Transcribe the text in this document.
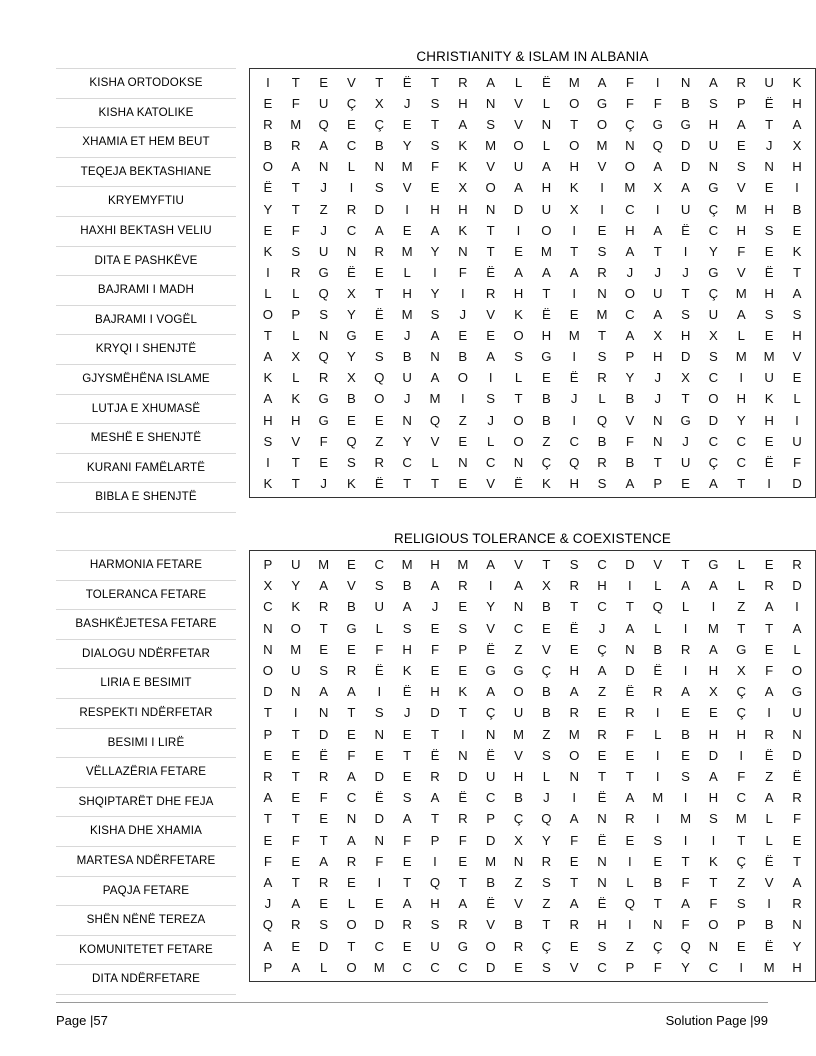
KISHA ORTODOKSE
KISHA KATOLIKE
XHAMIA ET HEM BEUT
TEQEJA BEKTASHIANE
KRYEMYFTIU
HAXHI BEKTASH VELIU
DITA E PASHKËVE
BAJRAMI I MADH
BAJRAMI I VOGËL
KRYQI I SHENJTË
GJYSMËHËNA ISLAME
LUTJA E XHUMASË
MESHË E SHENJTË
KURANI FAMËLARTË
BIBLA E SHENJTË
CHRISTIANITY & ISLAM IN ALBANIA
I	T	E	V	T	Ë	T	R	A	L	Ë	M	A	F	I	N	A	R	U	K
E	F	U	Ç	X	J	S	H	N	V	L	O	G	F	F	B	S	P	Ë	H
R	M	Q	E	Ç	E	T	A	S	V	N	T	O	Ç	G	G	H	A	T	A
B	R	A	C	B	Y	S	K	M	O	L	O	M	N	Q	D	U	E	J	X
O	A	N	L	N	M	F	K	V	U	A	H	V	O	A	D	N	S	N	H
Ë	T	J	I	S	V	E	X	O	A	H	K	I	M	X	A	G	V	E	I
Y	T	Z	R	D	I	H	H	N	D	U	X	I	C	I	U	Ç	M	H	B
E	F	J	C	A	E	A	K	T	I	O	I	E	H	A	Ë	C	H	S	E
K	S	U	N	R	M	Y	N	T	E	M	T	S	A	T	I	Y	F	E	K
I	R	G	Ë	E	L	I	F	Ë	A	A	A	R	J	J	J	G	V	Ë	T
L	L	Q	X	T	H	Y	I	R	H	T	I	N	O	U	T	Ç	M	H	A
O	P	S	Y	Ë	M	S	J	V	K	Ë	E	M	C	A	S	U	A	S	S
T	L	N	G	E	J	A	E	E	O	H	M	T	A	X	H	X	L	E	H
A	X	Q	Y	S	B	N	B	A	S	G	I	S	P	H	D	S	M	M	V
K	L	R	X	Q	U	A	O	I	L	E	Ë	R	Y	J	X	C	I	U	E
A	K	G	B	O	J	M	I	S	T	B	J	L	B	J	T	O	H	K	L
H	H	G	E	E	N	Q	Z	J	O	B	I	Q	V	N	G	D	Y	H	I
S	V	F	Q	Z	Y	V	E	L	O	Z	C	B	F	N	J	C	C	E	U
I	T	E	S	R	C	L	N	C	N	Ç	Q	R	B	T	U	Ç	C	Ë	F
K	T	J	K	Ë	T	T	E	V	Ë	K	H	S	A	P	E	A	T	I	D
HARMONIA FETARE
TOLERANCA FETARE
BASHKËJETESA FETARE
DIALOGU NDËRFETAR
LIRIA E BESIMIT
RESPEKTI NDËRFETAR
BESIMI I LIRË
VËLLAZËRIA FETARE
SHQIPTARËT DHE FEJA
KISHA DHE XHAMIA
MARTESA NDËRFETARE
PAQJA FETARE
SHËN NËNË TEREZA
KOMUNITETET FETARE
DITA NDËRFETARE
RELIGIOUS TOLERANCE & COEXISTENCE
P	U	M	E	C	M	H	M	A	V	T	S	C	D	V	T	G	L	E	R
X	Y	A	V	S	B	A	R	I	A	X	R	H	I	L	A	A	L	R	D
C	K	R	B	U	A	J	E	Y	N	B	T	C	T	Q	L	I	Z	A	I
N	O	T	G	L	S	E	S	V	C	E	Ë	J	A	L	I	M	T	T	A
N	M	E	E	F	H	F	P	Ë	Z	V	E	Ç	N	B	R	A	G	E	L
O	U	S	R	Ë	K	E	E	G	G	Ç	H	A	D	Ë	I	H	X	F	O
D	N	A	A	I	Ë	H	K	A	O	B	A	Z	Ë	R	A	X	Ç	A	G
T	I	N	T	S	J	D	T	Ç	U	B	R	E	R	I	E	E	Ç	I	U
P	T	D	E	N	E	T	I	N	M	Z	M	R	F	L	B	H	H	R	N
E	E	Ë	F	E	T	Ë	N	Ë	V	S	O	E	E	I	E	D	I	Ë	D
R	T	R	A	D	E	R	D	U	H	L	N	T	T	I	S	A	F	Z	Ë
A	E	F	C	Ë	S	A	Ë	C	B	J	I	Ë	A	M	I	H	C	A	R
T	T	E	N	D	A	T	R	P	Ç	Q	A	N	R	I	M	S	M	L	F
E	F	T	A	N	F	P	F	D	X	Y	F	Ë	E	S	I	I	T	L	E
F	E	A	R	F	E	I	E	M	N	R	E	N	I	E	T	K	Ç	Ë	T
A	T	R	E	I	T	Q	T	B	Z	S	T	N	L	B	F	T	Z	V	A
J	A	E	L	E	A	H	A	Ë	V	Z	A	Ë	Q	T	A	F	S	I	R
Q	R	S	O	D	R	S	R	V	B	T	R	H	I	N	F	O	P	B	N
A	E	D	T	C	E	U	G	O	R	Ç	E	S	Z	Ç	Q	N	E	Ë	Y
P	A	L	O	M	C	C	C	D	E	S	V	C	P	F	Y	C	I	M	H
Page |57	Solution Page |99
